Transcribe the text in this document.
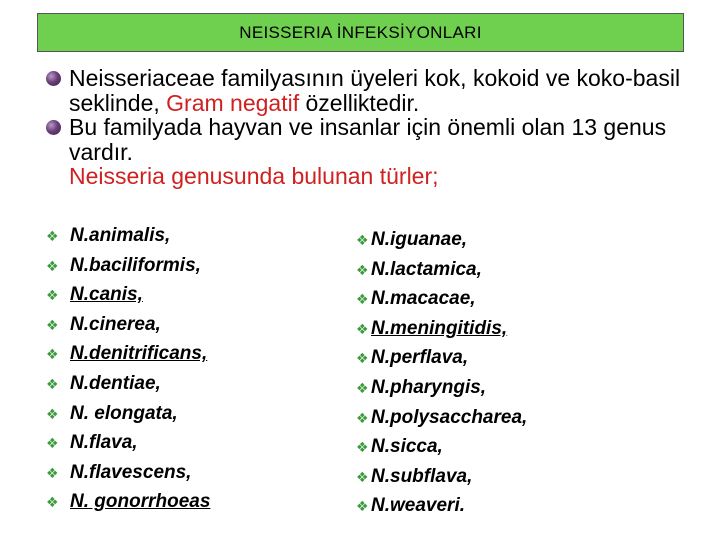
NEISSERIA İNFEKSİYONLARI
Neisseriaceae familyasının üyeleri kok, kokoid ve koko-basil seklinde, Gram negatif özelliktedir.
Bu familyada hayvan ve insanlar için önemli olan 13 genus vardır.
Neisseria genusunda bulunan türler;
❖ N.animalis,
❖ N.baciliformis,
❖ N.canis,
❖ N.cinerea,
❖ N.denitrificans,
❖ N.dentiae,
❖ N. elongata,
❖ N.flava,
❖ N.flavescens,
❖ N. gonorrhoeas
❖ N.iguanae,
❖ N.lactamica,
❖ N.macacae,
❖ N.meningitidis,
❖ N.perflava,
❖ N.pharyngis,
❖ N.polysaccharea,
❖ N.sicca,
❖ N.subflava,
❖ N.weaveri.
